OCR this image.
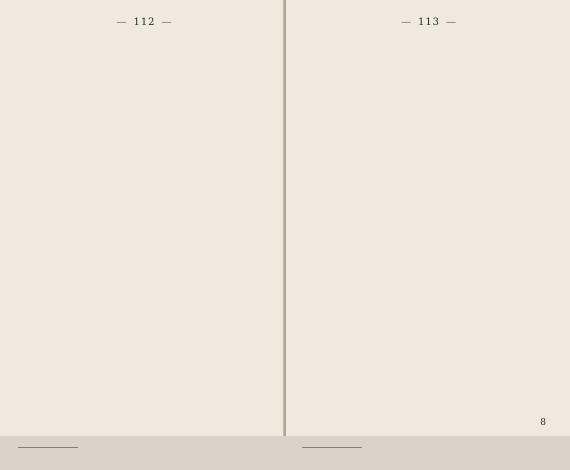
— 112 —	— 113 —
8
